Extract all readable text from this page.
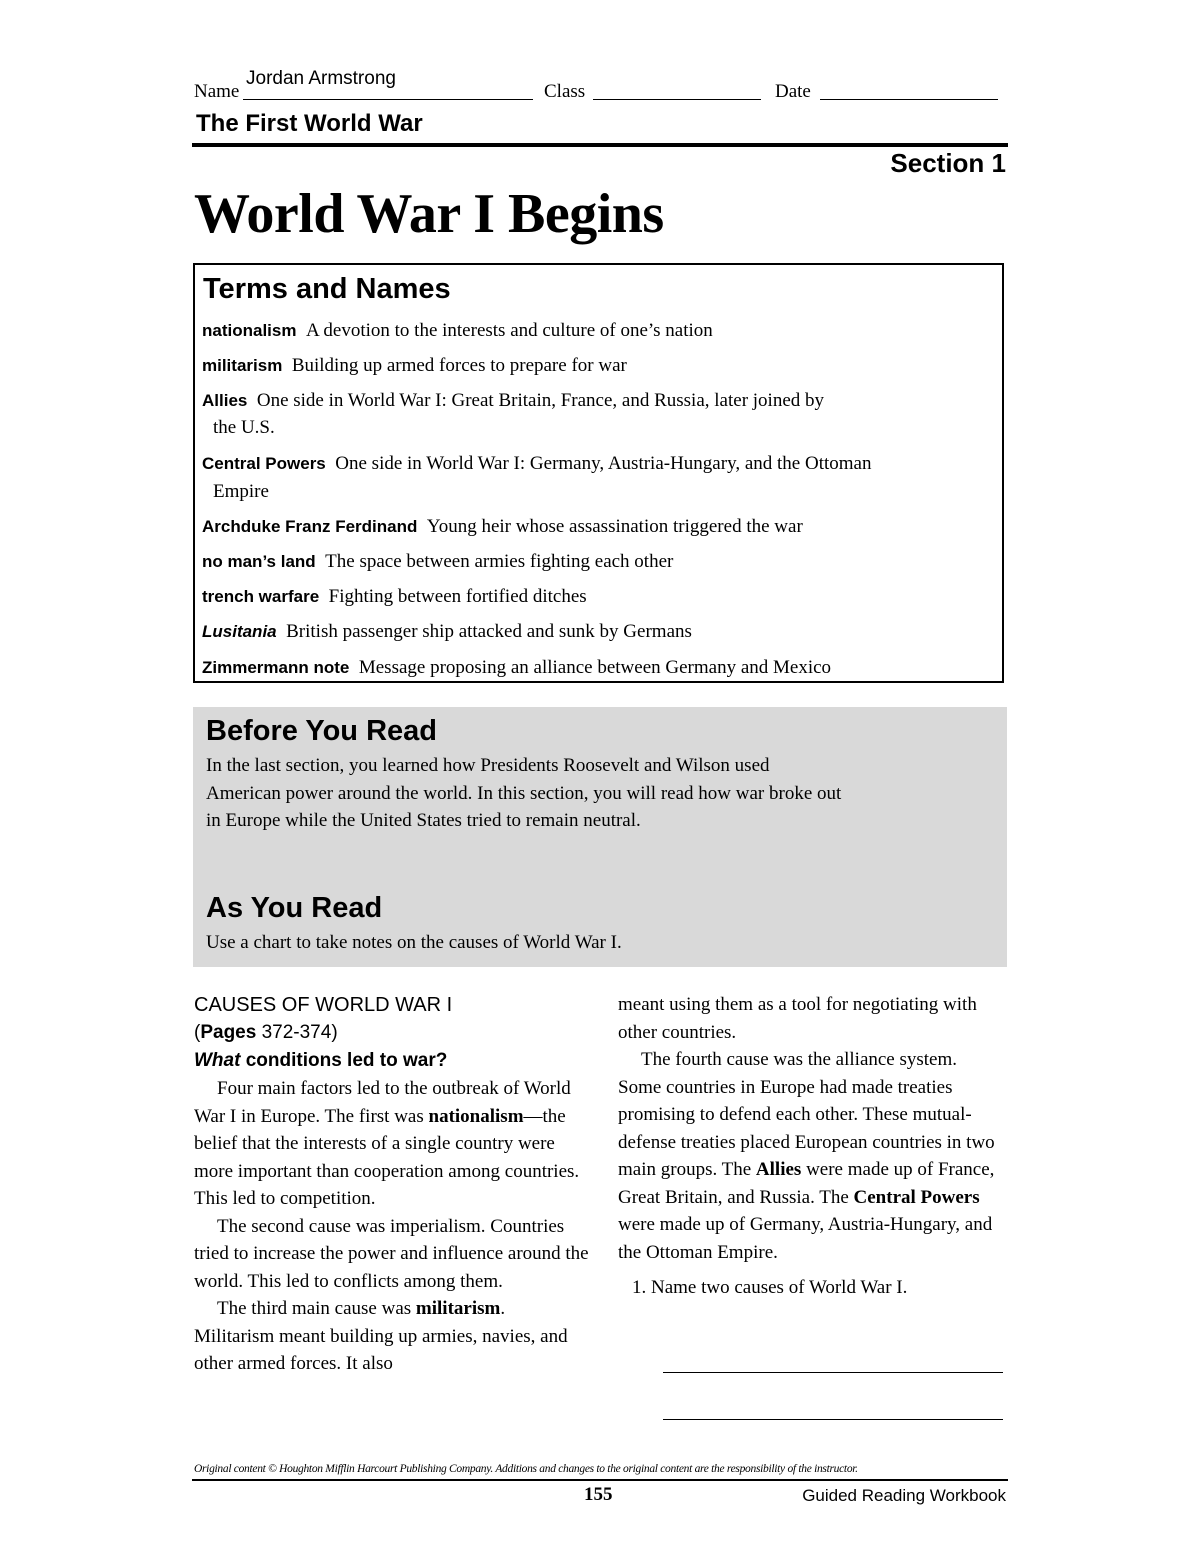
Name
Jordan Armstrong
Class	Date
The First World War
Section 1
World War I Begins
Terms and Names
nationalism A devotion to the interests and culture of one’s nation
militarism Building up armed forces to prepare for war
Allies One side in World War I: Great Britain, France, and Russia, later joined by
the U.S.
Central Powers One side in World War I: Germany, Austria-Hungary, and the Ottoman
Empire
Archduke Franz Ferdinand Young heir whose assassination triggered the war
no man’s land The space between armies fighting each other
trench warfare Fighting between fortified ditches
Lusitania British passenger ship attacked and sunk by Germans
Zimmermann note Message proposing an alliance between Germany and Mexico
Before You Read
In the last section, you learned how Presidents Roosevelt and Wilson used American power around the world. In this section, you will read how war broke out in Europe while the United States tried to remain neutral.
As You Read
Use a chart to take notes on the causes of World War I.

CAUSES OF WORLD WAR I

(Pages 372-374)

What conditions led to war?

Four main factors led to the outbreak of World War I in Europe. The first was nationalism—the belief that the interests of a single country were more important than cooperation among countries. This led to competition.

The second cause was imperialism. Countries tried to increase the power and influence around the world. This led to conflicts among them.

The third main cause was militarism. Militarism meant building up armies, navies, and other armed forces. It also

meant using them as a tool for negotiating with other countries.

The fourth cause was the alliance system. Some countries in Europe had made treaties promising to defend each other. These mutual-defense treaties placed European countries in two main groups. The Allies were made up of France, Great Britain, and Russia. The Central Powers were made up of Germany, Austria-Hungary, and the Ottoman Empire.

1. Name two causes of World War I.

Original content © Houghton Mifflin Harcourt Publishing Company. Additions and changes to the original content are the responsibility of the instructor.
155	Guided Reading Workbook
